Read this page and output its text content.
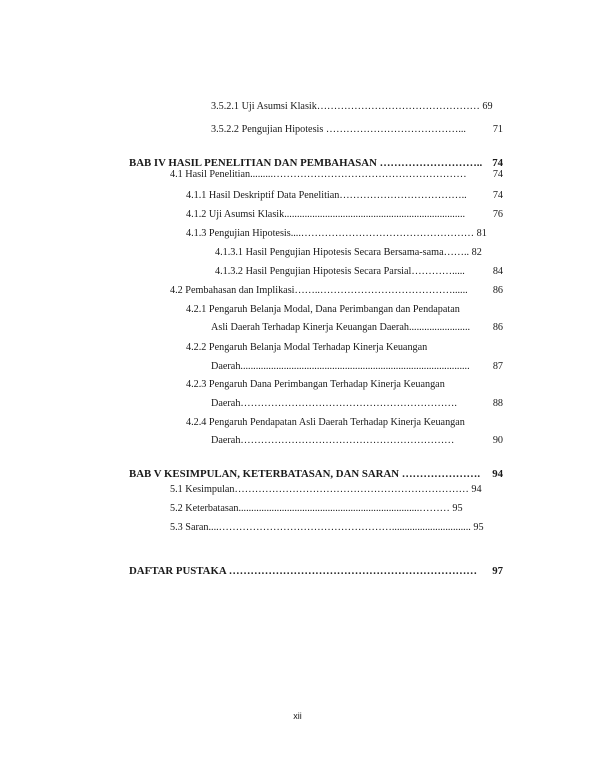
3.5.2.1 Uji Asumsi Klasik………………………………………… 69
3.5.2.2 Pengujian Hipotesis …………………………………...	71
BAB IV HASIL PENELITIAN DAN PEMBAHASAN ……………………….. 74
4.1 Hasil Penelitian.........…………………………………………………	74
4.1.1 Hasil Deskriptif Data Penelitian………………………………..	74
4.1.2 Uji Asumsi Klasik.......................................................................	76
4.1.3 Pengujian Hipotesis....…………………………………………… 81
4.1.3.1 Hasil Pengujian Hipotesis Secara Bersama-sama…….. 82
4.1.3.2 Hasil Pengujian Hipotesis Secara Parsial………….....	84
4.2 Pembahasan dan Implikasi……..…………………………………...... 86
4.2.1 Pengaruh Belanja Modal, Dana Perimbangan dan Pendapatan
Asli Daerah Terhadap Kinerja Keuangan Daerah........................ 86
4.2.2 Pengaruh Belanja Modal Terhadap Kinerja Keuangan
Daerah.......................................................................................... 87
4.2.3 Pengaruh Dana Perimbangan Terhadap Kinerja Keuangan
Daerah……………………………………………………….	88
4.2.4 Pengaruh Pendapatan Asli Daerah Terhadap Kinerja Keuangan
Daerah………………………………………………………	90
BAB V KESIMPULAN, KETERBATASAN, DAN SARAN …………………. 94
5.1 Kesimpulan…………………………………………………………… 94
5.2 Keterbatasan.......................................................................……… 95
5.3 Saran....……………………………………………............................... 95
DAFTAR PUSTAKA …………………………………………………………… 97
xii
